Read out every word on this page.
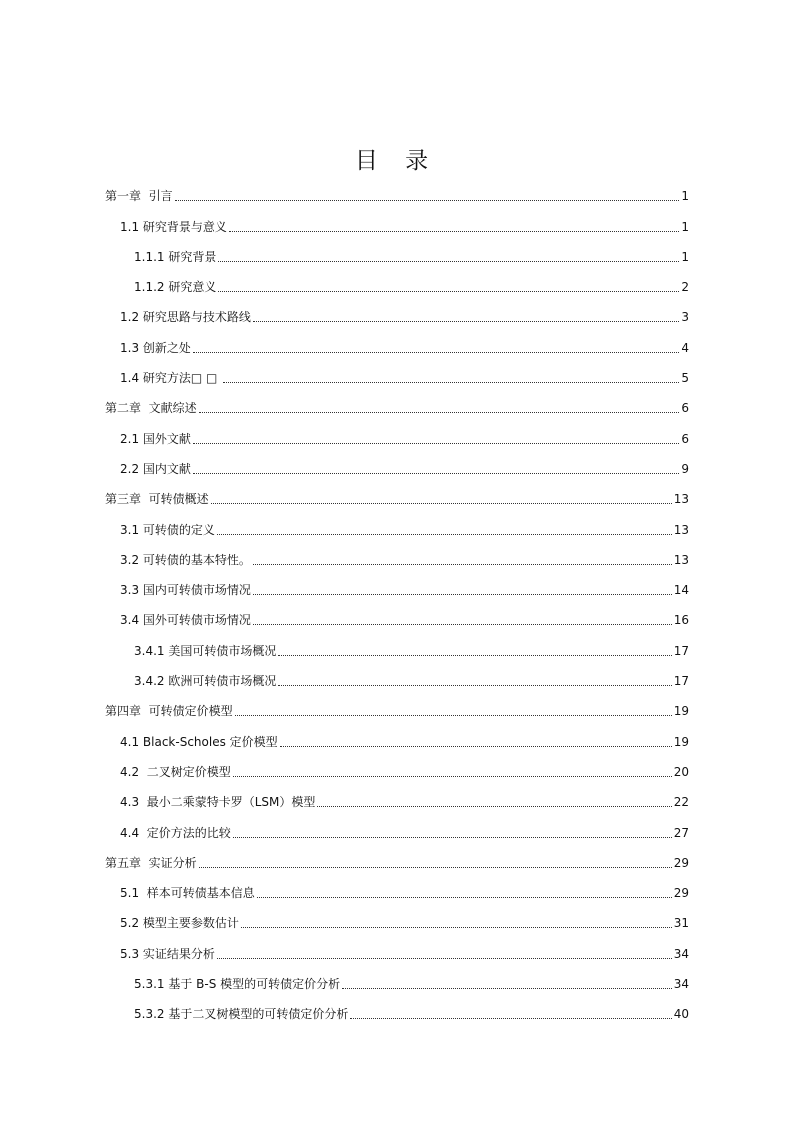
目 录
第一章  引言	1
1.1 研究背景与意义	1
1.1.1 研究背景	1
1.1.2 研究意义	2
1.2 研究思路与技术路线	3
1.3 创新之处	4
1.4 研究方法□ □	5
第二章  文献综述	6
2.1 国外文献	6
2.2 国内文献	9
第三章  可转债概述	13
3.1 可转债的定义	13
3.2 可转债的基本特性。	13
3.3 国内可转债市场情况	14
3.4 国外可转债市场情况	16
3.4.1 美国可转债市场概况	17
3.4.2 欧洲可转债市场概况	17
第四章  可转债定价模型	19
4.1 Black-Scholes 定价模型	19
4.2  二叉树定价模型	20
4.3  最小二乘蒙特卡罗（LSM）模型	22
4.4  定价方法的比较	27
第五章  实证分析	29
5.1  样本可转债基本信息	29
5.2 模型主要参数估计	31
5.3 实证结果分析	34
5.3.1 基于 B-S 模型的可转债定价分析	34
5.3.2 基于二叉树模型的可转债定价分析	40
